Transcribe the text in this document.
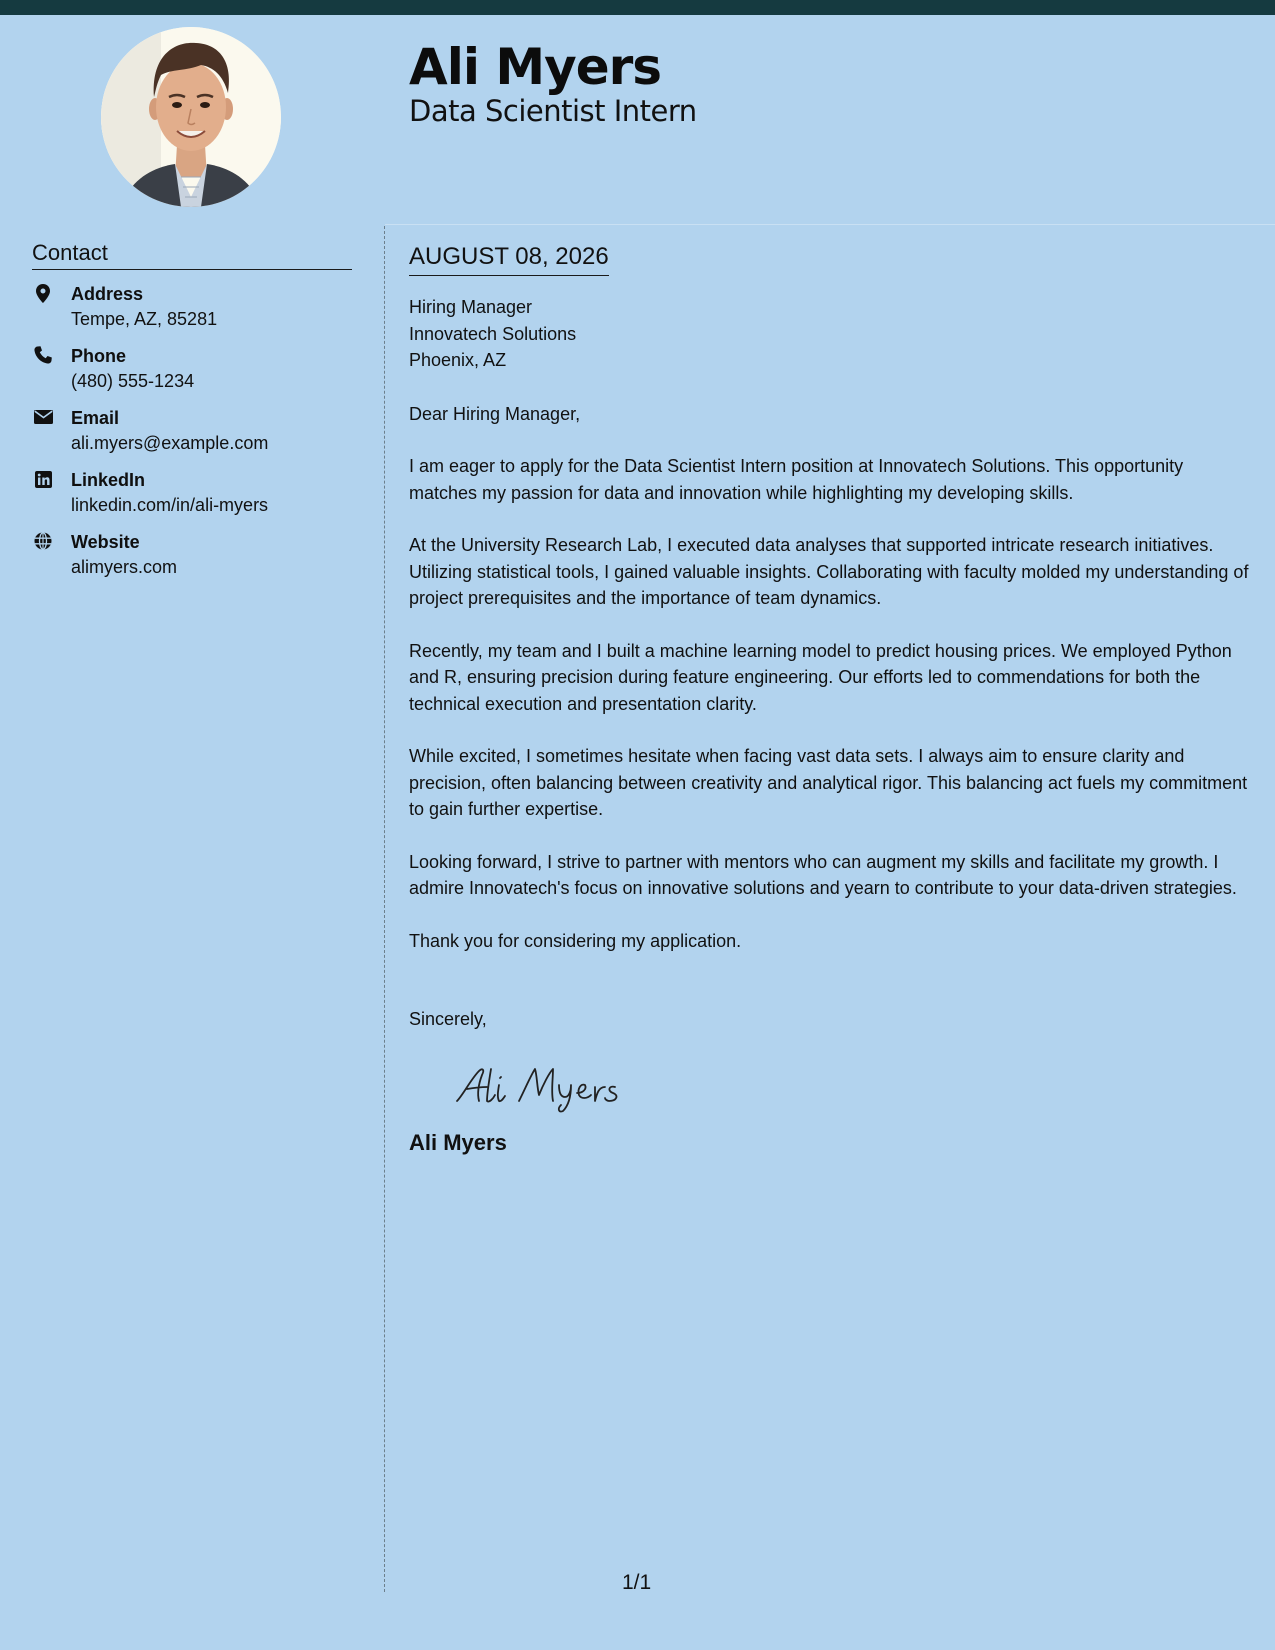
Ali Myers
Data Scientist Intern
Contact
Address
Tempe, AZ, 85281
Phone
(480) 555-1234
Email
ali.myers@example.com
LinkedIn
linkedin.com/in/ali-myers
Website
alimyers.com
AUGUST 08, 2026
Hiring Manager
Innovatech Solutions
Phoenix, AZ
Dear Hiring Manager,

I am eager to apply for the Data Scientist Intern position at Innovatech Solutions. This opportunity matches my passion for data and innovation while highlighting my developing skills.

At the University Research Lab, I executed data analyses that supported intricate research initiatives. Utilizing statistical tools, I gained valuable insights. Collaborating with faculty molded my understanding of project prerequisites and the importance of team dynamics.

Recently, my team and I built a machine learning model to predict housing prices. We employed Python and R, ensuring precision during feature engineering. Our efforts led to commendations for both the technical execution and presentation clarity.

While excited, I sometimes hesitate when facing vast data sets. I always aim to ensure clarity and precision, often balancing between creativity and analytical rigor. This balancing act fuels my commitment to gain further expertise.

Looking forward, I strive to partner with mentors who can augment my skills and facilitate my growth. I admire Innovatech's focus on innovative solutions and yearn to contribute to your data-driven strategies.

Thank you for considering my application.

Sincerely,
Ali Myers
1/1
